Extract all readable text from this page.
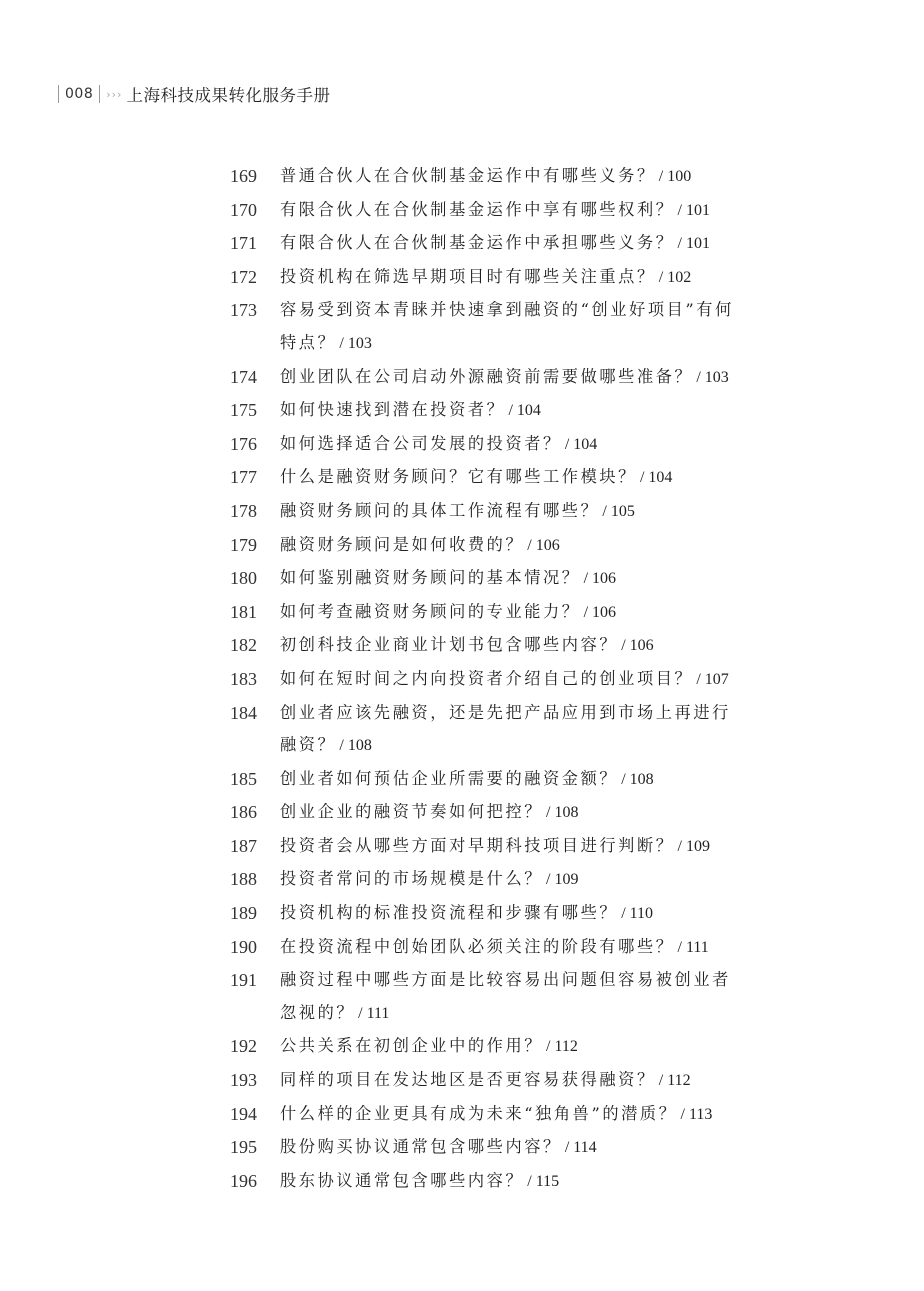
008 ››› 上海科技成果转化服务手册
169	普通合伙人在合伙制基金运作中有哪些义务？ / 100
170	有限合伙人在合伙制基金运作中享有哪些权利？ / 101
171	有限合伙人在合伙制基金运作中承担哪些义务？ / 101
172	投资机构在筛选早期项目时有哪些关注重点？ / 102
173	容易受到资本青睐并快速拿到融资的“创业好项目”有何特点？ / 103
174	创业团队在公司启动外源融资前需要做哪些准备？ / 103
175	如何快速找到潜在投资者？ / 104
176	如何选择适合公司发展的投资者？ / 104
177	什么是融资财务顾问？它有哪些工作模块？ / 104
178	融资财务顾问的具体工作流程有哪些？ / 105
179	融资财务顾问是如何收费的？ / 106
180	如何鉴别融资财务顾问的基本情况？ / 106
181	如何考查融资财务顾问的专业能力？ / 106
182	初创科技企业商业计划书包含哪些内容？ / 106
183	如何在短时间之内向投资者介绍自己的创业项目？ / 107
184	创业者应该先融资，还是先把产品应用到市场上再进行融资？ / 108
185	创业者如何预估企业所需要的融资金额？ / 108
186	创业企业的融资节奏如何把控？ / 108
187	投资者会从哪些方面对早期科技项目进行判断？ / 109
188	投资者常问的市场规模是什么？ / 109
189	投资机构的标准投资流程和步骤有哪些？ / 110
190	在投资流程中创始团队必须关注的阶段有哪些？ / 111
191	融资过程中哪些方面是比较容易出问题但容易被创业者忽视的？ / 111
192	公共关系在初创企业中的作用？ / 112
193	同样的项目在发达地区是否更容易获得融资？ / 112
194	什么样的企业更具有成为未来“独角兽”的潜质？ / 113
195	股份购买协议通常包含哪些内容？ / 114
196	股东协议通常包含哪些内容？ / 115
